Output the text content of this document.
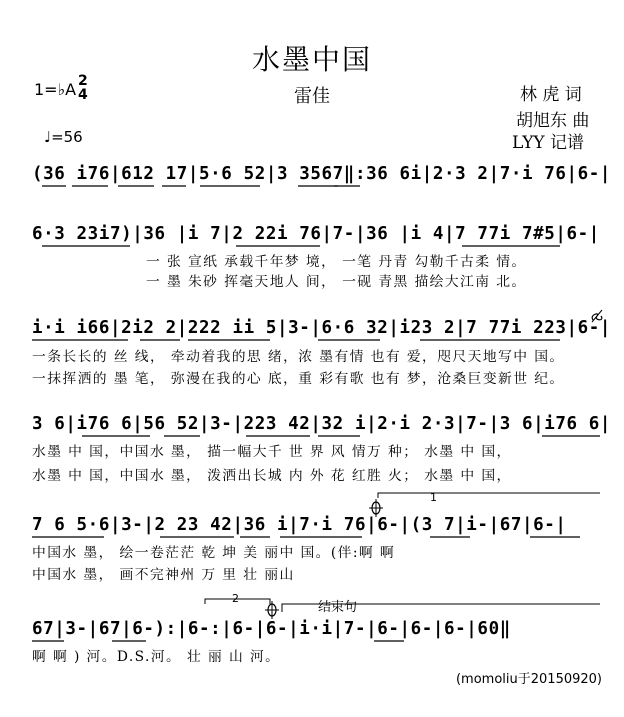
水墨中国
1=♭A 2
4	雷佳	林 虎 词
胡旭东 曲
LYY 记谱
♩=56
(36 i76|612 17|5·6 52|3 3567‖:36 6i|2·3 2|7·i 76|6-|
6·3 23i7)|36 |i 7|2 22i 76|7-|36 |i 4|7 77i 7#5|6-|
一 张 宣纸 承载千年梦 境， 一笔 丹青 勾勒千古柔 情。
一 墨 朱砂 挥毫天地人 间， 一砚 青黑 描绘大江南 北。
i·i i66|2i2 2|222 ii 5|3-|6·6 32|i23 2|7 77i 223|6-|
一条长长的 丝 线， 牵动着我的思 绪，浓 墨有情 也有 爱，咫尺天地写中 国。
一抹挥洒的 墨 笔， 弥漫在我的心 底，重 彩有歌 也有 梦，沧桑巨变新世 纪。
3 6|i76 6|56 52|3-|223 42|32 i|2·i 2·3|7-|3 6|i76 6|
水墨 中 国，中国水 墨， 描一幅大千 世 界 风 情万 种； 水墨 中 国，
水墨 中 国，中国水 墨， 泼洒出长城 内 外 花 红胜 火； 水墨 中 国，
7 6 5·6|3-|2 23 42|36 i|7·i 76|6-|(3 7|i-|67|6-|
中国水 墨， 绘一卷茫茫 乾 坤 美 丽中 国。(伴:啊 啊
中国水 墨， 画不完神州 万 里 壮 丽山
2
结束句
67|3-|67|6-):|6-:|6-|6-|i·i|7-|6-|6-|6-|60‖
啊 啊 ) 河。D.S.河。 壮 丽 山 河。
1
(momoliu于20150920)
